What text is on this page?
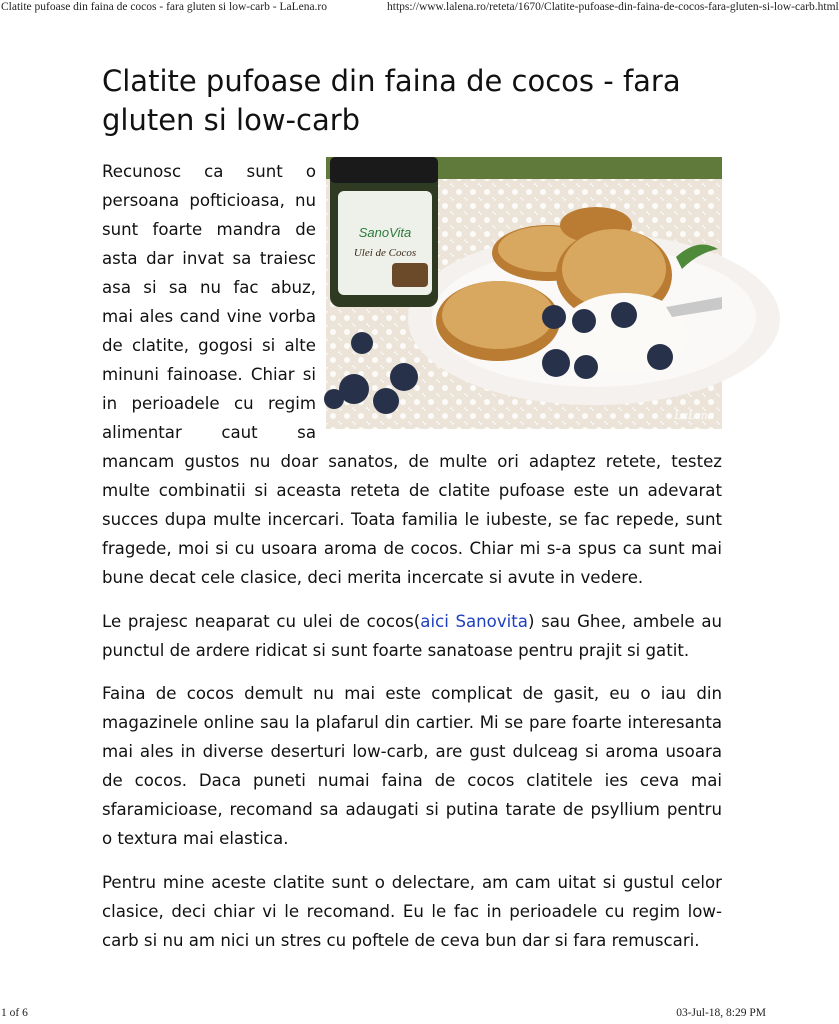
Clatite pufoase din faina de cocos - fara gluten si low-carb - LaLena.ro	https://www.lalena.ro/reteta/1670/Clatite-pufoase-din-faina-de-cocos-fara-gluten-si-low-carb.html
Clatite pufoase din faina de cocos - fara gluten si low-carb
SanoVita
Ulei de Cocos
LaLena

Recunosc ca sunt o persoana pofticioasa, nu sunt foarte mandra de asta dar invat sa traiesc asa si sa nu fac abuz, mai ales cand vine vorba de clatite, gogosi si alte minuni fainoase. Chiar si in perioadele cu regim alimentar caut sa mancam gustos nu doar sanatos, de multe ori adaptez retete, testez multe combinatii si aceasta reteta de clatite pufoase este un adevarat succes dupa multe incercari. Toata familia le iubeste, se fac repede, sunt fragede, moi si cu usoara aroma de cocos. Chiar mi s-a spus ca sunt mai bune decat cele clasice, deci merita incercate si avute in vedere.

Le prajesc neaparat cu ulei de cocos(aici Sanovita) sau Ghee, ambele au punctul de ardere ridicat si sunt foarte sanatoase pentru prajit si gatit.

Faina de cocos demult nu mai este complicat de gasit, eu o iau din magazinele online sau la plafarul din cartier. Mi se pare foarte interesanta mai ales in diverse deserturi low-carb, are gust dulceag si aroma usoara de cocos. Daca puneti numai faina de cocos clatitele ies ceva mai sfaramicioase, recomand sa adaugati si putina tarate de psyllium pentru o textura mai elastica.

Pentru mine aceste clatite sunt o delectare, am cam uitat si gustul celor clasice, deci chiar vi le recomand. Eu le fac in perioadele cu regim low-carb si nu am nici un stres cu poftele de ceva bun dar si fara remuscari.

1 of 6	03-Jul-18, 8:29 PM
